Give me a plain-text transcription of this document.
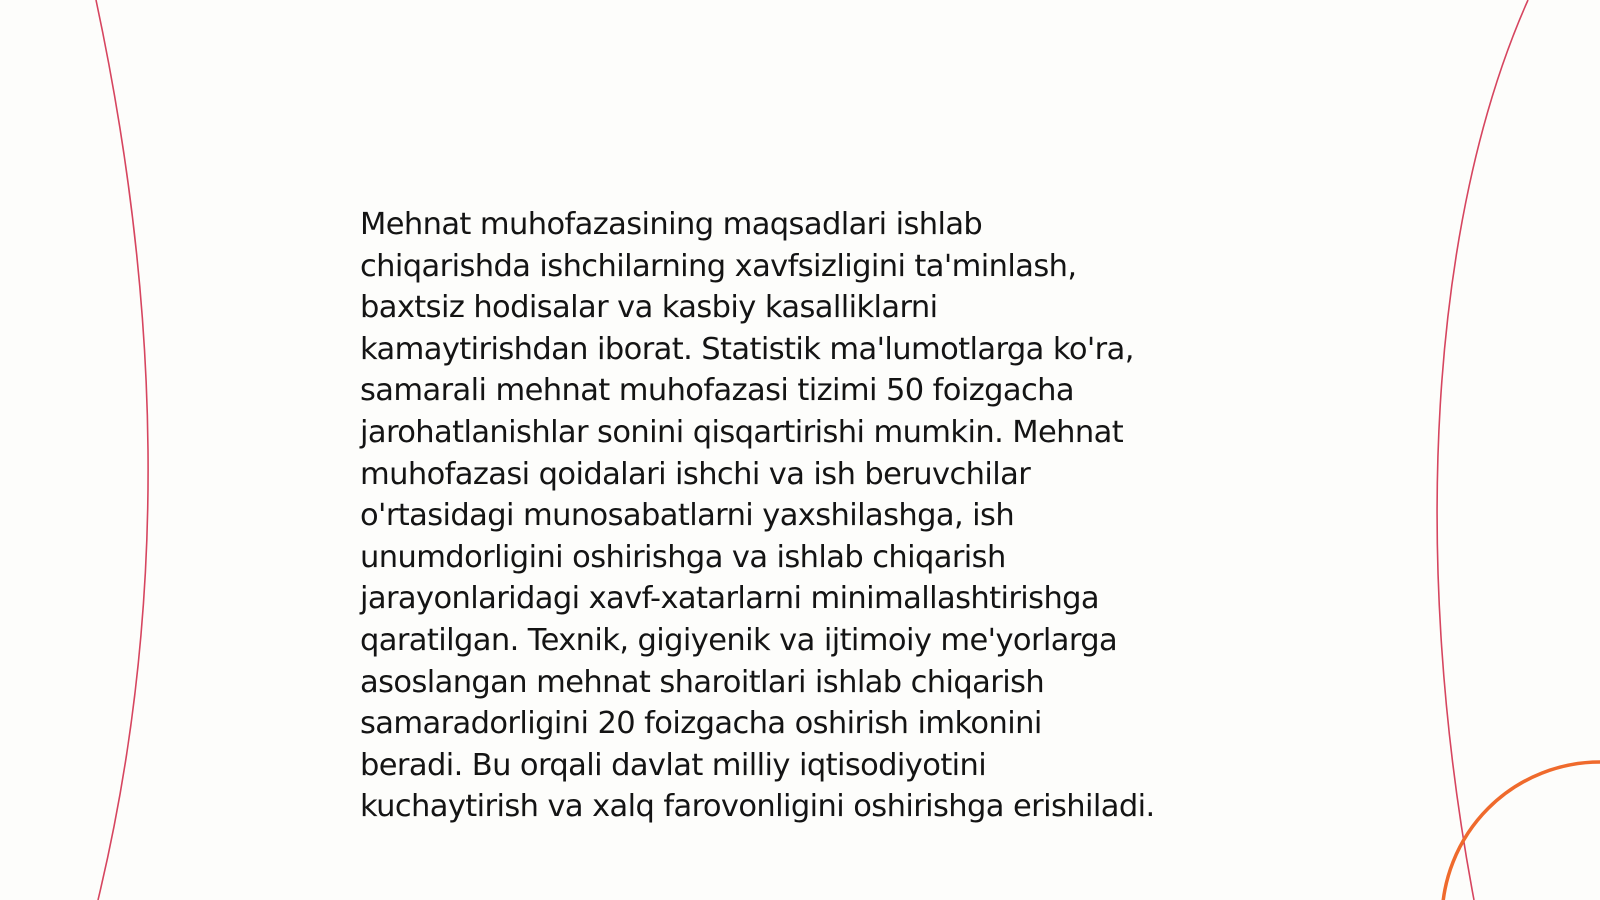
Mehnat muhofazasining maqsadlari ishlab
chiqarishda ishchilarning xavfsizligini ta'minlash,
baxtsiz hodisalar va kasbiy kasalliklarni
kamaytirishdan iborat. Statistik ma'lumotlarga ko'ra,
samarali mehnat muhofazasi tizimi 50 foizgacha
jarohatlanishlar sonini qisqartirishi mumkin. Mehnat
muhofazasi qoidalari ishchi va ish beruvchilar
o'rtasidagi munosabatlarni yaxshilashga, ish
unumdorligini oshirishga va ishlab chiqarish
jarayonlaridagi xavf-xatarlarni minimallashtirishga
qaratilgan. Texnik, gigiyenik va ijtimoiy me'yorlarga
asoslangan mehnat sharoitlari ishlab chiqarish
samaradorligini 20 foizgacha oshirish imkonini
beradi. Bu orqali davlat milliy iqtisodiyotini
kuchaytirish va xalq farovonligini oshirishga erishiladi.
